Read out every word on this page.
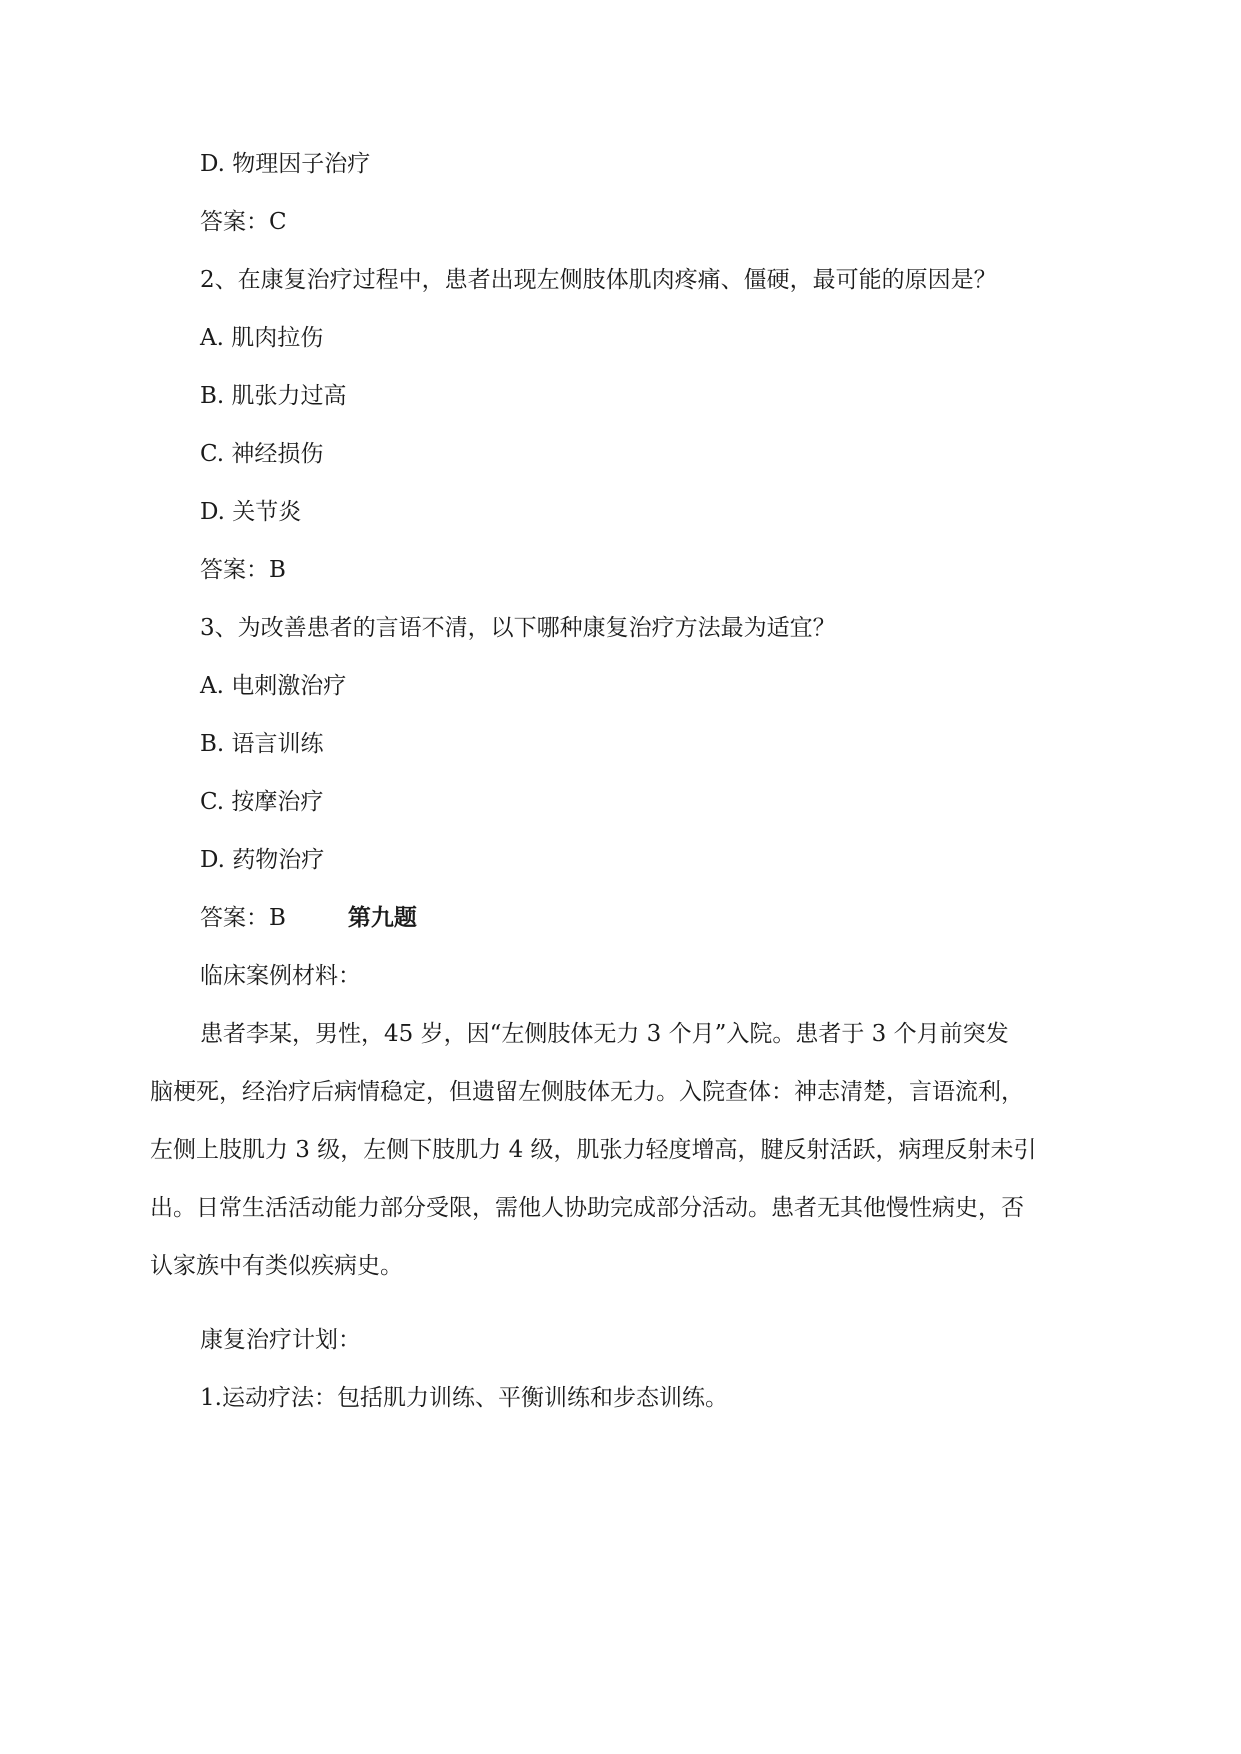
D. 物理因子治疗
答案：C
2、在康复治疗过程中，患者出现左侧肢体肌肉疼痛、僵硬，最可能的原因是？
A. 肌肉拉伤
B. 肌张力过高
C. 神经损伤
D. 关节炎
答案：B
3、为改善患者的言语不清，以下哪种康复治疗方法最为适宜？
A. 电刺激治疗
B. 语言训练
C. 按摩治疗
D. 药物治疗
答案：B	第九题
临床案例材料：
患者李某，男性，45 岁，因“左侧肢体无力 3 个月”入院。患者于 3 个月前突发
脑梗死，经治疗后病情稳定，但遗留左侧肢体无力。入院查体：神志清楚，言语流利，
左侧上肢肌力 3 级，左侧下肢肌力 4 级，肌张力轻度增高，腱反射活跃，病理反射未引
出。日常生活活动能力部分受限，需他人协助完成部分活动。患者无其他慢性病史，否
认家族中有类似疾病史。
康复治疗计划：
1.运动疗法：包括肌力训练、平衡训练和步态训练。
